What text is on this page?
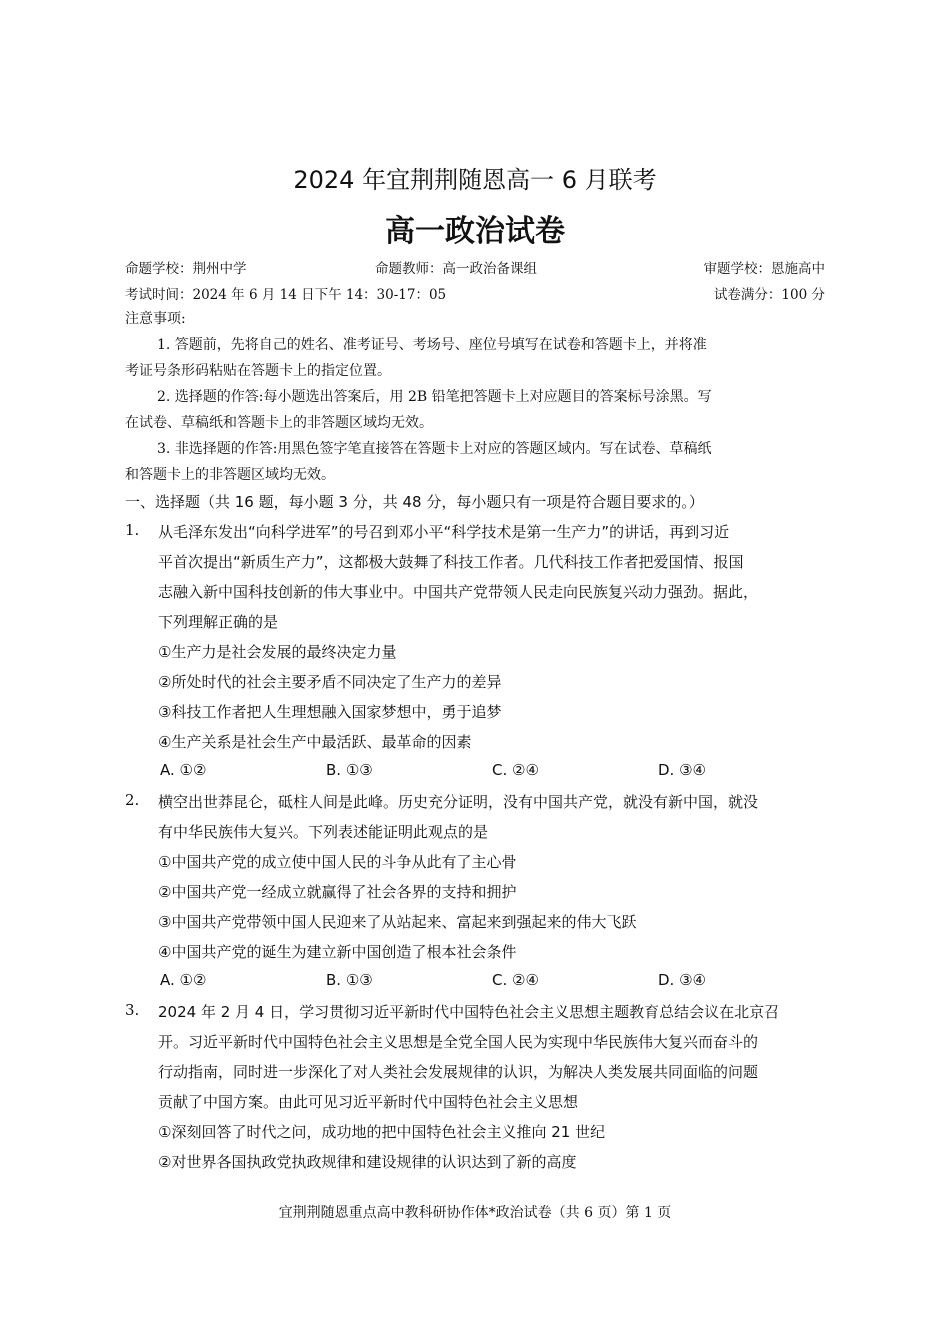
2024 年宜荆荆随恩高一 6 月联考
高一政治试卷
命题学校：荆州中学	命题教师：高一政治备课组	审题学校：恩施高中
考试时间：2024 年 6 月 14 日下午 14：30-17：05	试卷满分：100 分
注意事项:
1. 答题前，先将自己的姓名、准考证号、考场号、座位号填写在试卷和答题卡上，并将准
考证号条形码粘贴在答题卡上的指定位置。
2. 选择题的作答:每小题选出答案后，用 2B 铅笔把答题卡上对应题目的答案标号涂黑。写
在试卷、草稿纸和答题卡上的非答题区域均无效。
3. 非选择题的作答:用黑色签字笔直接答在答题卡上对应的答题区域内。写在试卷、草稿纸
和答题卡上的非答题区域均无效。
一、选择题（共 16 题，每小题 3 分，共 48 分，每小题只有一项是符合题目要求的。）
1. 从毛泽东发出“向科学进军”的号召到邓小平“科学技术是第一生产力”的讲话，再到习近
平首次提出“新质生产力”，这都极大鼓舞了科技工作者。几代科技工作者把爱国情、报国
志融入新中国科技创新的伟大事业中。中国共产党带领人民走向民族复兴动力强劲。据此，
下列理解正确的是
①生产力是社会发展的最终决定力量
②所处时代的社会主要矛盾不同决定了生产力的差异
③科技工作者把人生理想融入国家梦想中，勇于追梦
④生产关系是社会生产中最活跃、最革命的因素
A. ①②	B. ①③	C. ②④	D. ③④
2. 横空出世莽昆仑，砥柱人间是此峰。历史充分证明，没有中国共产党，就没有新中国，就没
有中华民族伟大复兴。下列表述能证明此观点的是
①中国共产党的成立使中国人民的斗争从此有了主心骨
②中国共产党一经成立就赢得了社会各界的支持和拥护
③中国共产党带领中国人民迎来了从站起来、富起来到强起来的伟大飞跃
④中国共产党的诞生为建立新中国创造了根本社会条件
A. ①②	B. ①③	C. ②④	D. ③④
3. 2024 年 2 月 4 日，学习贯彻习近平新时代中国特色社会主义思想主题教育总结会议在北京召
开。习近平新时代中国特色社会主义思想是全党全国人民为实现中华民族伟大复兴而奋斗的
行动指南，同时进一步深化了对人类社会发展规律的认识，为解决人类发展共同面临的问题
贡献了中国方案。由此可见习近平新时代中国特色社会主义思想
①深刻回答了时代之问，成功地的把中国特色社会主义推向 21 世纪
②对世界各国执政党执政规律和建设规律的认识达到了新的高度
宜荆荆随恩重点高中教科研协作体*政治试卷（共 6 页）第 1 页
